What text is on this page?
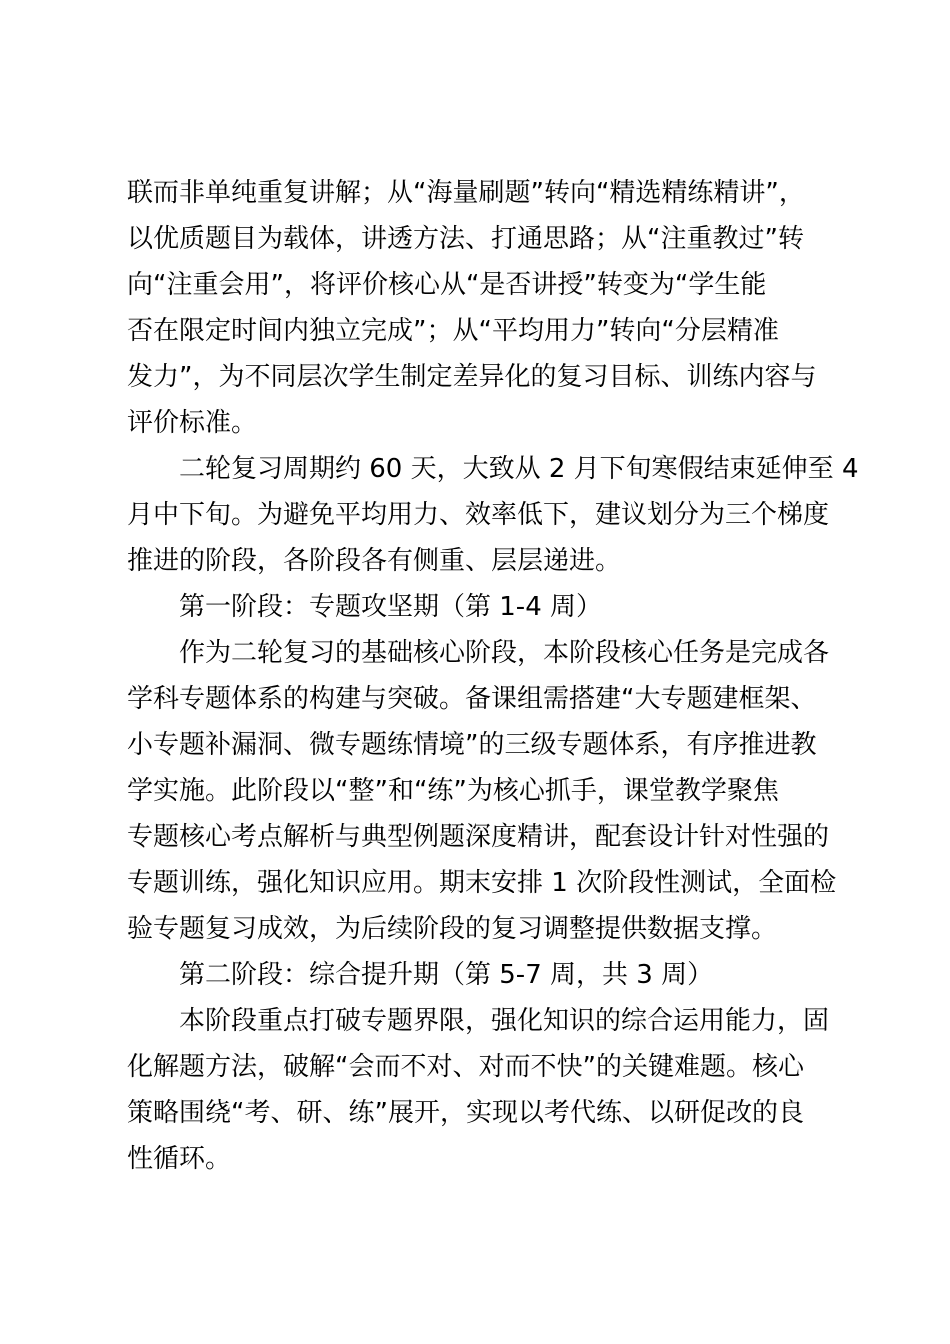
联而非单纯重复讲解；从“海量刷题”转向“精选精练精讲”，
以优质题目为载体，讲透方法、打通思路；从“注重教过”转
向“注重会用”，将评价核心从“是否讲授”转变为“学生能
否在限定时间内独立完成”；从“平均用力”转向“分层精准
发力”，为不同层次学生制定差异化的复习目标、训练内容与
评价标准。
二轮复习周期约 60 天，大致从 2 月下旬寒假结束延伸至 4
月中下旬。为避免平均用力、效率低下，建议划分为三个梯度
推进的阶段，各阶段各有侧重、层层递进。
第一阶段：专题攻坚期（第 1-4 周）
作为二轮复习的基础核心阶段，本阶段核心任务是完成各
学科专题体系的构建与突破。备课组需搭建“大专题建框架、
小专题补漏洞、微专题练情境”的三级专题体系，有序推进教
学实施。此阶段以“整”和“练”为核心抓手，课堂教学聚焦
专题核心考点解析与典型例题深度精讲，配套设计针对性强的
专题训练，强化知识应用。期末安排 1 次阶段性测试，全面检
验专题复习成效，为后续阶段的复习调整提供数据支撑。
第二阶段：综合提升期（第 5-7 周，共 3 周）
本阶段重点打破专题界限，强化知识的综合运用能力，固
化解题方法，破解“会而不对、对而不快”的关键难题。核心
策略围绕“考、研、练”展开，实现以考代练、以研促改的良
性循环。
